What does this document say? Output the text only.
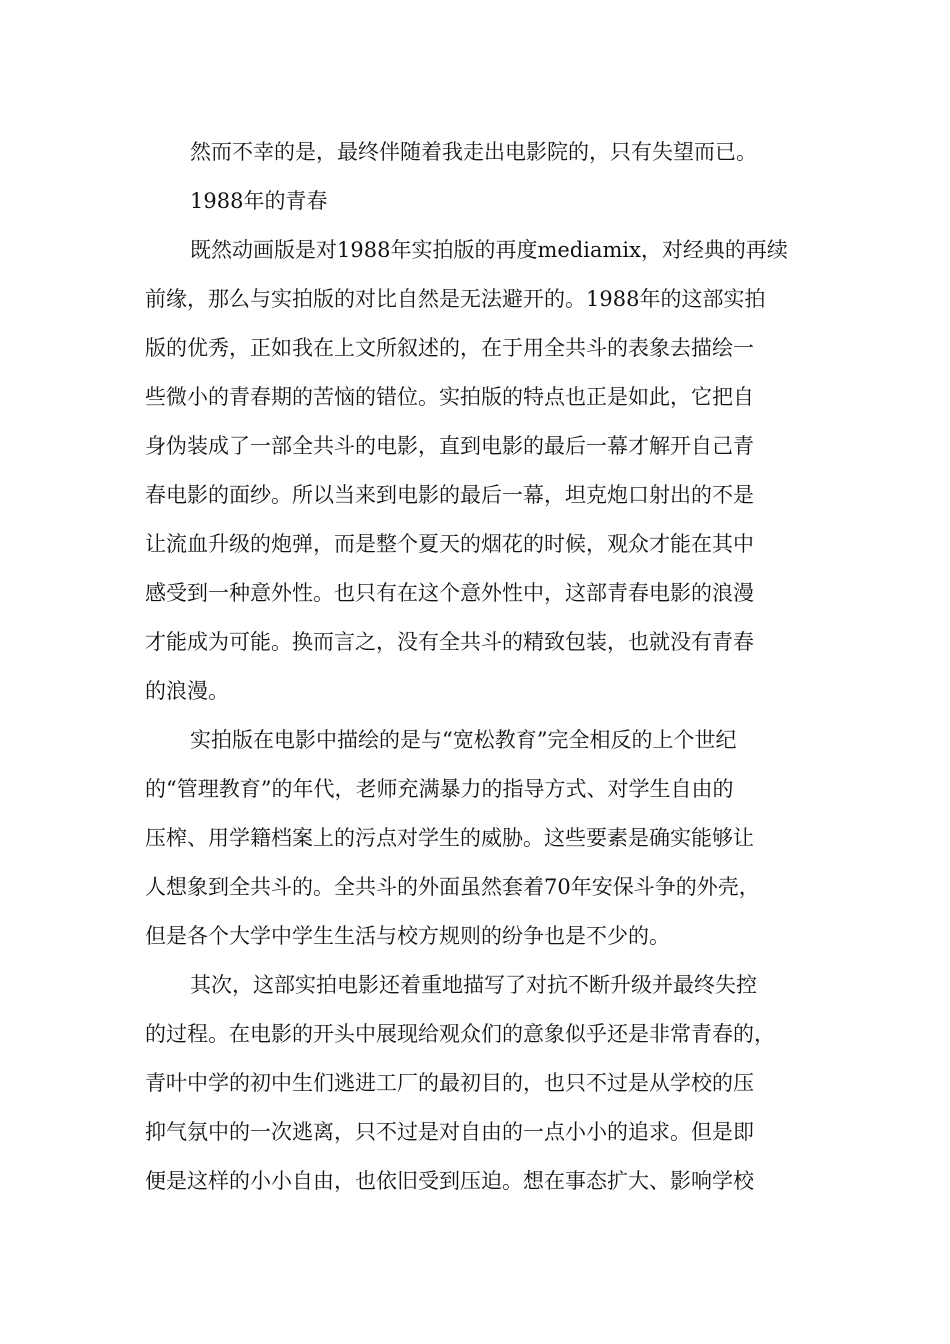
然而不幸的是，最终伴随着我走出电影院的，只有失望而已。
1988年的青春
既然动画版是对1988年实拍版的再度mediamix，对经典的再续
前缘，那么与实拍版的对比自然是无法避开的。1988年的这部实拍
版的优秀，正如我在上文所叙述的，在于用全共斗的表象去描绘一
些微小的青春期的苦恼的错位。实拍版的特点也正是如此，它把自
身伪装成了一部全共斗的电影，直到电影的最后一幕才解开自己青
春电影的面纱。所以当来到电影的最后一幕，坦克炮口射出的不是
让流血升级的炮弹，而是整个夏天的烟花的时候，观众才能在其中
感受到一种意外性。也只有在这个意外性中，这部青春电影的浪漫
才能成为可能。换而言之，没有全共斗的精致包装，也就没有青春
的浪漫。
实拍版在电影中描绘的是与“宽松教育”完全相反的上个世纪
的“管理教育”的年代，老师充满暴力的指导方式、对学生自由的
压榨、用学籍档案上的污点对学生的威胁。这些要素是确实能够让
人想象到全共斗的。全共斗的外面虽然套着70年安保斗争的外壳，
但是各个大学中学生生活与校方规则的纷争也是不少的。
其次，这部实拍电影还着重地描写了对抗不断升级并最终失控
的过程。在电影的开头中展现给观众们的意象似乎还是非常青春的，
青叶中学的初中生们逃进工厂的最初目的，也只不过是从学校的压
抑气氛中的一次逃离，只不过是对自由的一点小小的追求。但是即
便是这样的小小自由，也依旧受到压迫。想在事态扩大、影响学校
